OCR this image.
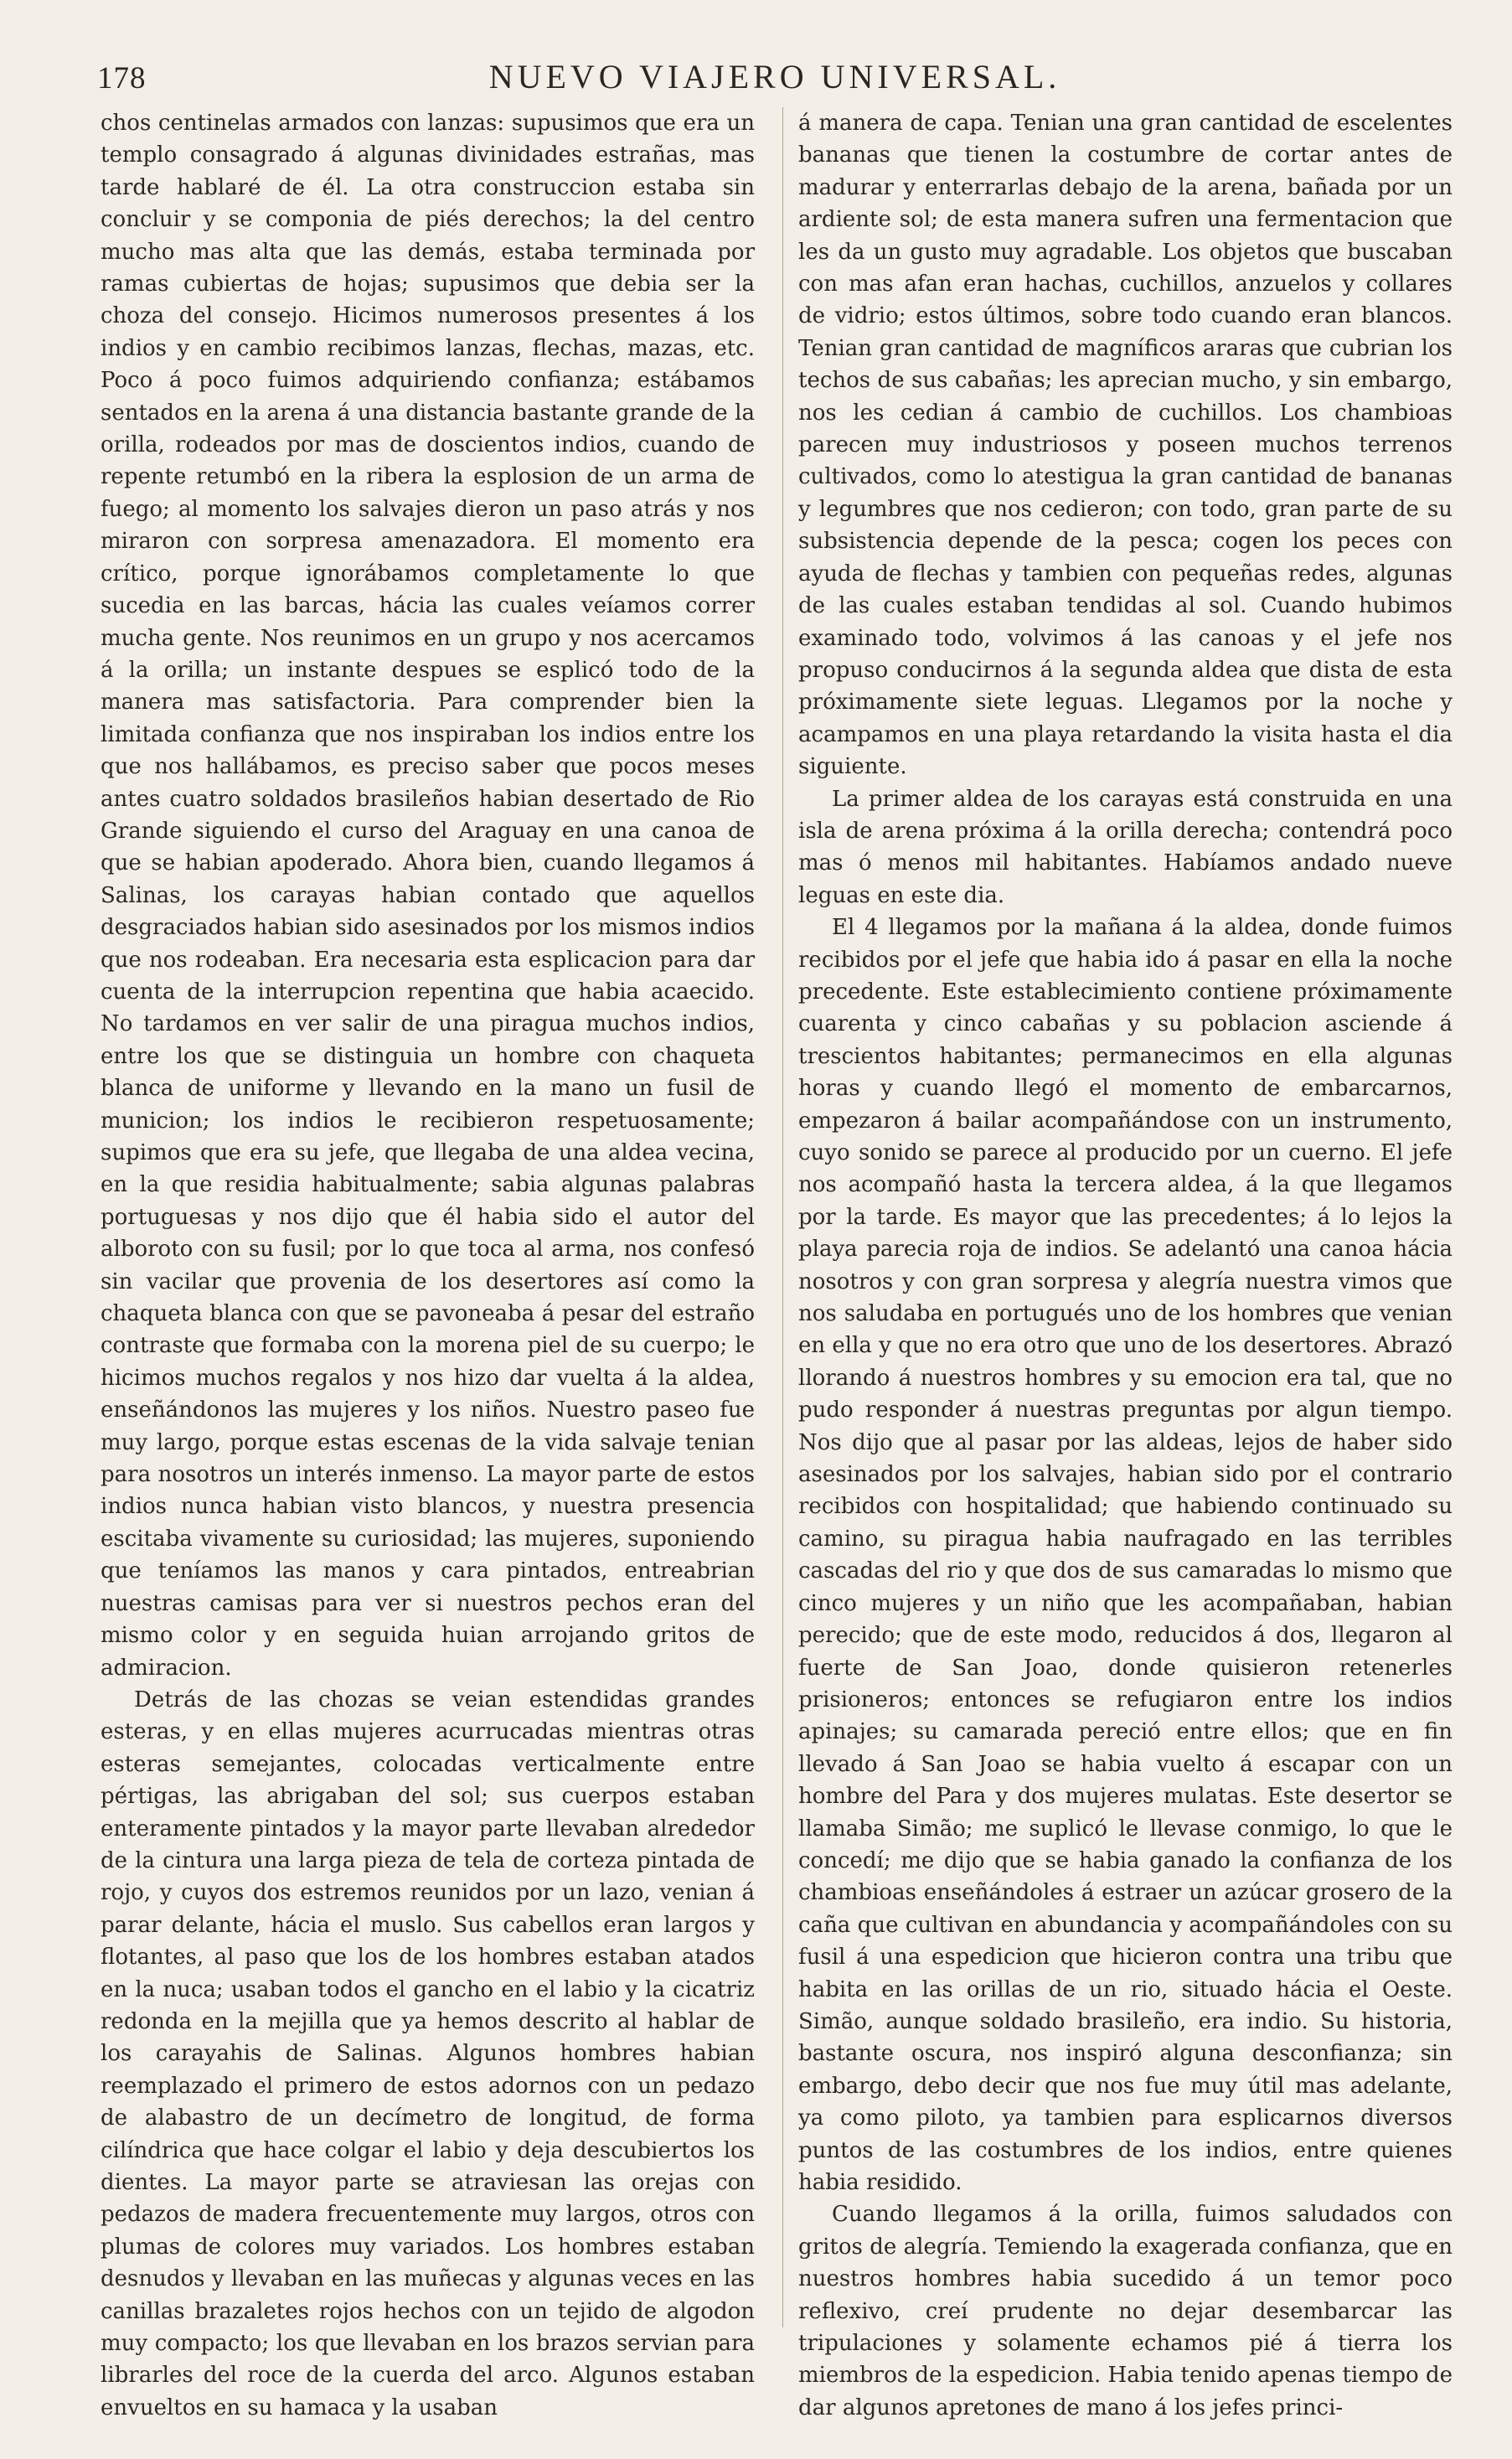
178	NUEVO VIAJERO UNIVERSAL.

chos centinelas armados con lanzas: supusimos que era un templo consagrado á algunas divinidades estrañas, mas tarde hablaré de él. La otra construccion estaba sin concluir y se componia de piés derechos; la del centro mucho mas alta que las demás, estaba terminada por ramas cubiertas de hojas; supusimos que debia ser la choza del consejo. Hicimos numerosos presentes á los indios y en cambio recibimos lanzas, flechas, mazas, etc. Poco á poco fuimos adquiriendo confianza; estábamos sentados en la arena á una distancia bastante grande de la orilla, rodeados por mas de doscientos indios, cuando de repente retumbó en la ribera la esplosion de un arma de fuego; al momento los salvajes dieron un paso atrás y nos miraron con sorpresa amenazadora. El momento era crítico, porque ignorábamos completamente lo que sucedia en las barcas, hácia las cuales veíamos correr mucha gente. Nos reunimos en un grupo y nos acercamos á la orilla; un instante despues se esplicó todo de la manera mas satisfactoria. Para comprender bien la limitada confianza que nos inspiraban los indios entre los que nos hallábamos, es preciso saber que pocos meses antes cuatro soldados brasileños habian desertado de Rio Grande siguiendo el curso del Araguay en una canoa de que se habian apoderado. Ahora bien, cuando llegamos á Salinas, los carayas habian contado que aquellos desgraciados habian sido asesinados por los mismos indios que nos rodeaban. Era necesaria esta esplicacion para dar cuenta de la interrupcion repentina que habia acaecido. No tardamos en ver salir de una piragua muchos indios, entre los que se distinguia un hombre con chaqueta blanca de uniforme y llevando en la mano un fusil de municion; los indios le recibieron respetuosamente; supimos que era su jefe, que llegaba de una aldea vecina, en la que residia habitualmente; sabia algunas palabras portuguesas y nos dijo que él habia sido el autor del alboroto con su fusil; por lo que toca al arma, nos confesó sin vacilar que provenia de los desertores así como la chaqueta blanca con que se pavoneaba á pesar del estraño contraste que formaba con la morena piel de su cuerpo; le hicimos muchos regalos y nos hizo dar vuelta á la aldea, enseñándonos las mujeres y los niños. Nuestro paseo fue muy largo, porque estas escenas de la vida salvaje tenian para nosotros un interés inmenso. La mayor parte de estos indios nunca habian visto blancos, y nuestra presencia escitaba vivamente su curiosidad; las mujeres, suponiendo que teníamos las manos y cara pintados, entreabrian nuestras camisas para ver si nuestros pechos eran del mismo color y en seguida huian arrojando gritos de admiracion.

Detrás de las chozas se veian estendidas grandes esteras, y en ellas mujeres acurrucadas mientras otras esteras semejantes, colocadas verticalmente entre pértigas, las abrigaban del sol; sus cuerpos estaban enteramente pintados y la mayor parte llevaban alrededor de la cintura una larga pieza de tela de corteza pintada de rojo, y cuyos dos estremos reunidos por un lazo, venian á parar delante, hácia el muslo. Sus cabellos eran largos y flotantes, al paso que los de los hombres estaban atados en la nuca; usaban todos el gancho en el labio y la cicatriz redonda en la mejilla que ya hemos descrito al hablar de los carayahis de Salinas. Algunos hombres habian reemplazado el primero de estos adornos con un pedazo de alabastro de un decímetro de longitud, de forma cilíndrica que hace colgar el labio y deja descubiertos los dientes. La mayor parte se atraviesan las orejas con pedazos de madera frecuentemente muy largos, otros con plumas de colores muy variados. Los hombres estaban desnudos y llevaban en las muñecas y algunas veces en las canillas brazaletes rojos hechos con un tejido de algodon muy compacto; los que llevaban en los brazos servian para librarles del roce de la cuerda del arco. Algunos estaban envueltos en su hamaca y la usaban

á manera de capa. Tenian una gran cantidad de escelentes bananas que tienen la costumbre de cortar antes de madurar y enterrarlas debajo de la arena, bañada por un ardiente sol; de esta manera sufren una fermentacion que les da un gusto muy agradable. Los objetos que buscaban con mas afan eran hachas, cuchillos, anzuelos y collares de vidrio; estos últimos, sobre todo cuando eran blancos. Tenian gran cantidad de magníficos araras que cubrian los techos de sus cabañas; les aprecian mucho, y sin embargo, nos les cedian á cambio de cuchillos. Los chambioas parecen muy industriosos y poseen muchos terrenos cultivados, como lo atestigua la gran cantidad de bananas y legumbres que nos cedieron; con todo, gran parte de su subsistencia depende de la pesca; cogen los peces con ayuda de flechas y tambien con pequeñas redes, algunas de las cuales estaban tendidas al sol. Cuando hubimos examinado todo, volvimos á las canoas y el jefe nos propuso conducirnos á la segunda aldea que dista de esta próximamente siete leguas. Llegamos por la noche y acampamos en una playa retardando la visita hasta el dia siguiente.

La primer aldea de los carayas está construida en una isla de arena próxima á la orilla derecha; contendrá poco mas ó menos mil habitantes. Habíamos andado nueve leguas en este dia.

El 4 llegamos por la mañana á la aldea, donde fuimos recibidos por el jefe que habia ido á pasar en ella la noche precedente. Este establecimiento contiene próximamente cuarenta y cinco cabañas y su poblacion asciende á trescientos habitantes; permanecimos en ella algunas horas y cuando llegó el momento de embarcarnos, empezaron á bailar acompañándose con un instrumento, cuyo sonido se parece al producido por un cuerno. El jefe nos acompañó hasta la tercera aldea, á la que llegamos por la tarde. Es mayor que las precedentes; á lo lejos la playa parecia roja de indios. Se adelantó una canoa hácia nosotros y con gran sorpresa y alegría nuestra vimos que nos saludaba en portugués uno de los hombres que venian en ella y que no era otro que uno de los desertores. Abrazó llorando á nuestros hombres y su emocion era tal, que no pudo responder á nuestras preguntas por algun tiempo. Nos dijo que al pasar por las aldeas, lejos de haber sido asesinados por los salvajes, habian sido por el contrario recibidos con hospitalidad; que habiendo continuado su camino, su piragua habia naufragado en las terribles cascadas del rio y que dos de sus camaradas lo mismo que cinco mujeres y un niño que les acompañaban, habian perecido; que de este modo, reducidos á dos, llegaron al fuerte de San Joao, donde quisieron retenerles prisioneros; entonces se refugiaron entre los indios apinajes; su camarada pereció entre ellos; que en fin llevado á San Joao se habia vuelto á escapar con un hombre del Para y dos mujeres mulatas. Este desertor se llamaba Simão; me suplicó le llevase conmigo, lo que le concedí; me dijo que se habia ganado la confianza de los chambioas enseñándoles á estraer un azúcar grosero de la caña que cultivan en abundancia y acompañándoles con su fusil á una espedicion que hicieron contra una tribu que habita en las orillas de un rio, situado hácia el Oeste. Simão, aunque soldado brasileño, era indio. Su historia, bastante oscura, nos inspiró alguna desconfianza; sin embargo, debo decir que nos fue muy útil mas adelante, ya como piloto, ya tambien para esplicarnos diversos puntos de las costumbres de los indios, entre quienes habia residido.

Cuando llegamos á la orilla, fuimos saludados con gritos de alegría. Temiendo la exagerada confianza, que en nuestros hombres habia sucedido á un temor poco reflexivo, creí prudente no dejar desembarcar las tripulaciones y solamente echamos pié á tierra los miembros de la espedicion. Habia tenido apenas tiempo de dar algunos apretones de mano á los jefes princi-
